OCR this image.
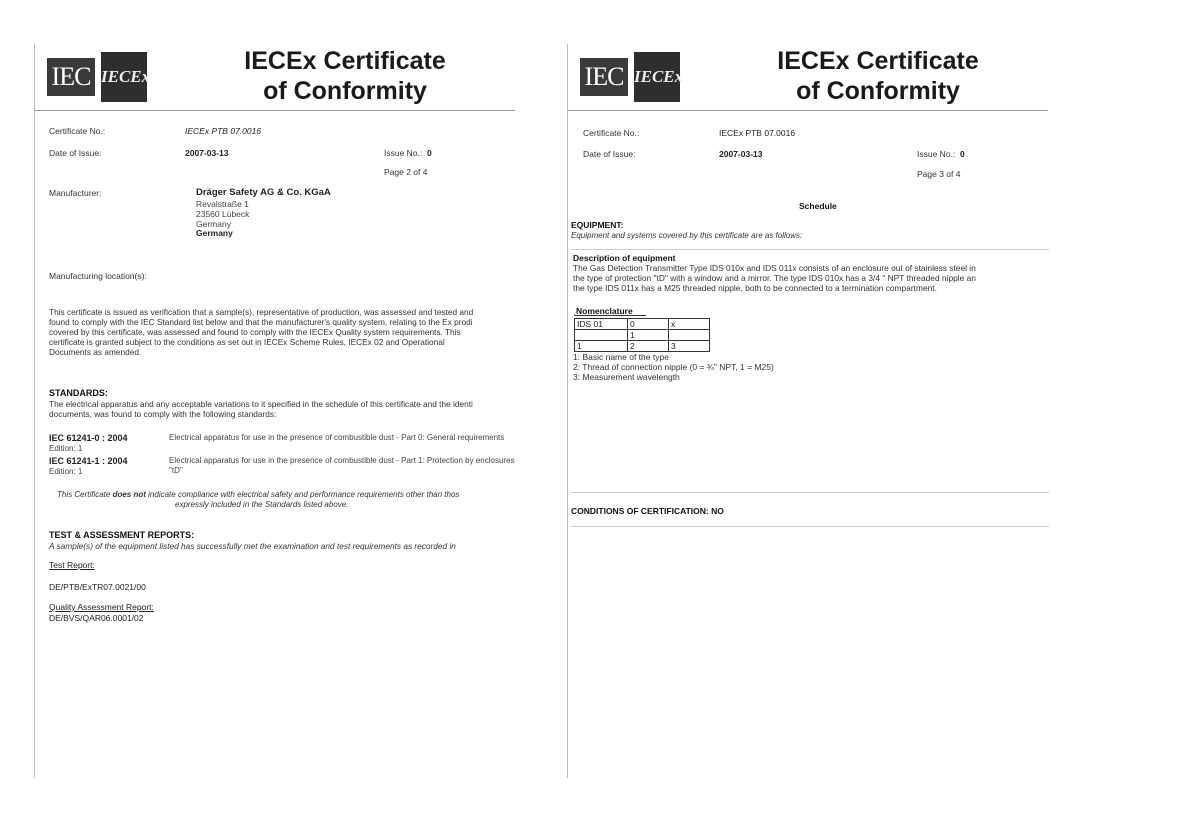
IEC IECEx
IECEx Certificate
of Conformity
Certificate No.:	IECEx PTB 07.0016
Date of Issue:	2007-03-13	Issue No.: 0
Page 2 of 4
Manufacturer:	Dräger Safety AG & Co. KGaA
Revalstraße 1
23560 Lübeck
Germany
Germany
Manufacturing location(s):
This certificate is issued as verification that a sample(s), representative of production, was assessed and tested and
found to comply with the IEC Standard list below and that the manufacturer's quality system, relating to the Ex prodi
covered by this certificate, was assessed and found to comply with the IECEx Quality system requirements. This
certificate is granted subject to the conditions as set out in IECEx Scheme Rules, IECEx 02 and Operational
Documents as amended.
STANDARDS:
The electrical apparatus and any acceptable variations to it specified in the schedule of this certificate and the identi
documents, was found to comply with the following standards:
IEC 61241-0 : 2004
Edition: 1
Electrical apparatus for use in the presence of combustible dust - Part 0: General requirements
IEC 61241-1 : 2004
Edition: 1
Electrical apparatus for use in the presence of combustible dust - Part 1: Protection by enclosures "tD"
This Certificate does not indicate compliance with electrical safety and performance requirements other than thos
expressly included in the Standards listed above.
TEST & ASSESSMENT REPORTS:
A sample(s) of the equipment listed has successfully met the examination and test requirements as recorded in
Test Report:
DE/PTB/ExTR07.0021/00
Quality Assessment Report:
DE/BVS/QAR06.0001/02
IEC IECEx
IECEx Certificate
of Conformity
Certificate No.:	IECEx PTB 07.0016
Date of Issue:	2007-03-13	Issue No.: 0
Page 3 of 4
Schedule
EQUIPMENT:
Equipment and systems covered by this certificate are as follows:
Description of equipment
The Gas Detection Transmitter Type IDS 010x and IDS 011x consists of an enclosure out of stainless steel in
the type of protection "tD" with a window and a mirror. The type IDS 010x has a 3/4 " NPT threaded nipple an
the type IDS 011x has a M25 threaded nipple, both to be connected to a termination compartment.
Nomenclature
IDS 01	0	x
	1	
1	2	3
1: Basic name of the type
2: Thread of connection nipple (0 = ¾" NPT, 1 = M25)
3: Measurement wavelength
CONDITIONS OF CERTIFICATION: NO
